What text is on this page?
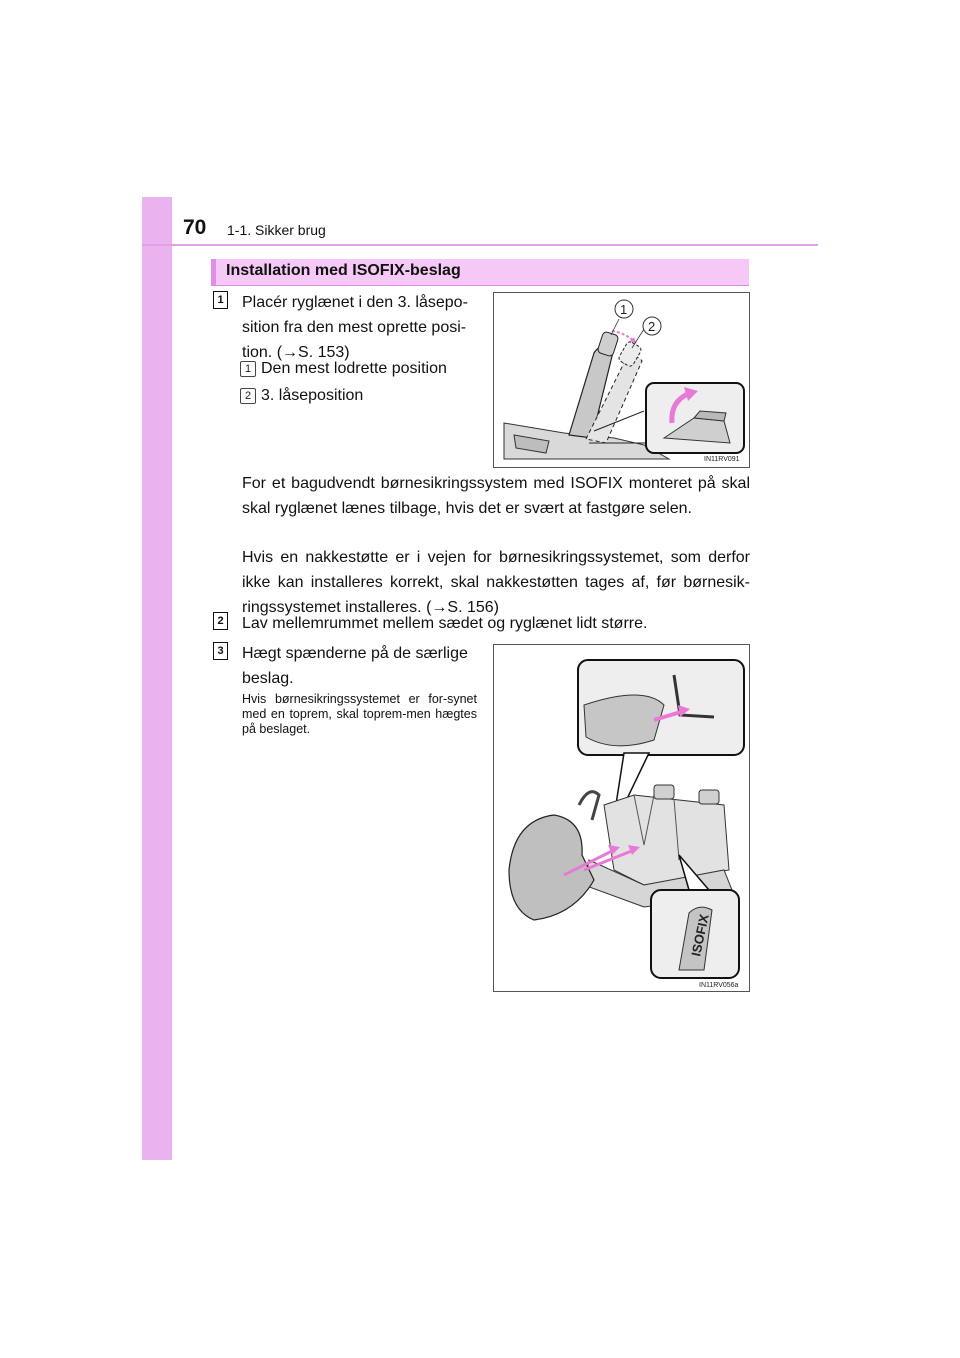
70 1-1. Sikker brug
Installation med ISOFIX-beslag
1 Placér ryglænet i den 3. låsepo-
sition fra den mest oprette posi-
tion. (→S. 153)
1 Den mest lodrette position
2 3. låseposition
1
2
IN11RV091
For et bagudvendt børnesikringssystem med ISOFIX monteret på skal skal ryglænet lænes tilbage, hvis det er svært at fastgøre selen.
Hvis en nakkestøtte er i vejen for børnesikringssystemet, som derfor ikke kan installeres korrekt, skal nakkestøtten tages af, før børnesik-ringssystemet installeres. (→S. 156)
2 Lav mellemrummet mellem sædet og ryglænet lidt større.
3 Hægt spænderne på de særlige
beslag.
Hvis børnesikringssystemet er for-synet med en toprem, skal toprem-men hægtes på beslaget.
ISOFIX
IN11RV056a
